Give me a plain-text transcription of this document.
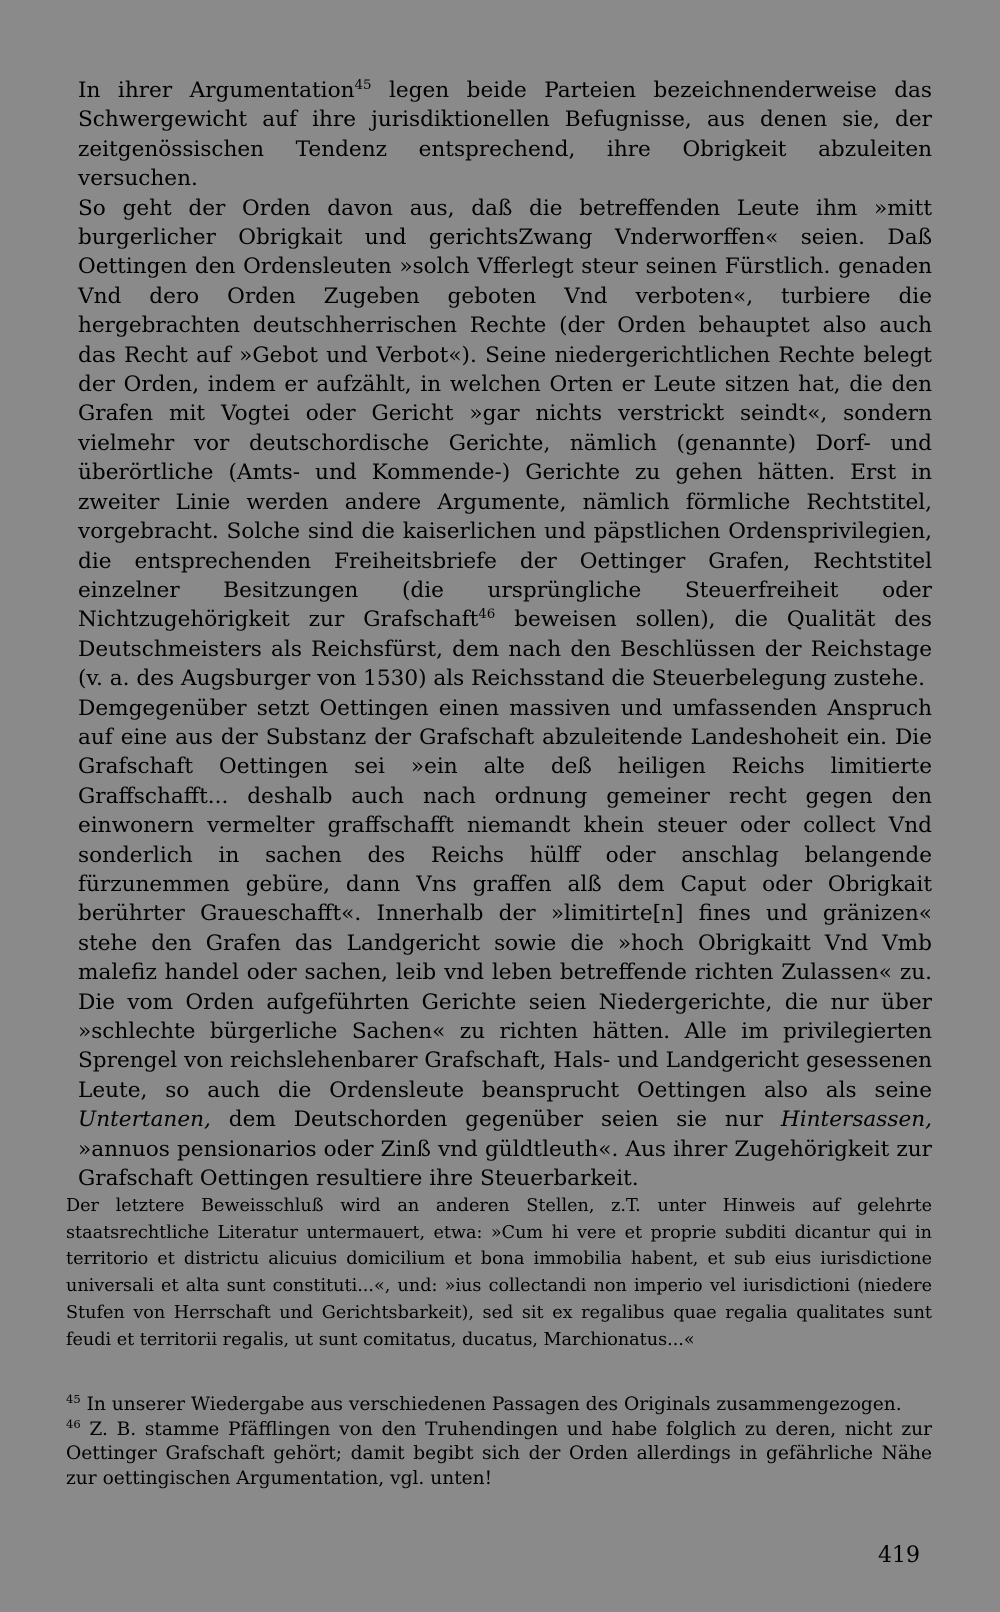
In ihrer Argumentation$^{45}$ legen beide Parteien bezeichnenderweise das Schwergewicht auf ihre jurisdiktionellen Befugnisse, aus denen sie, der zeitgenössischen Tendenz entsprechend, ihre Obrigkeit abzuleiten versuchen.

So geht der Orden davon aus, daß die betreffenden Leute ihm »mitt burgerlicher Obrigkait und gerichtsZwang Vnderworffen« seien. Daß Oettingen den Ordensleuten »solch Vfferlegt steur seinen Fürstlich. genaden Vnd dero Orden Zugeben geboten Vnd verboten«, turbiere die hergebrachten deutschherrischen Rechte (der Orden behauptet also auch das Recht auf »Gebot und Verbot«). Seine niedergerichtlichen Rechte belegt der Orden, indem er aufzählt, in welchen Orten er Leute sitzen hat, die den Grafen mit Vogtei oder Gericht »gar nichts verstrickt seindt«, sondern vielmehr vor deutschordische Gerichte, nämlich (genannte) Dorf- und überörtliche (Amts- und Kommende-) Gerichte zu gehen hätten. Erst in zweiter Linie werden andere Argumente, nämlich förmliche Rechtstitel, vorgebracht. Solche sind die kaiserlichen und päpstlichen Ordensprivilegien, die entsprechenden Freiheitsbriefe der Oettinger Grafen, Rechtstitel einzelner Besitzungen (die ursprüngliche Steuerfreiheit oder Nichtzugehörigkeit zur Grafschaft$^{46}$ beweisen sollen), die Qualität des Deutschmeisters als Reichsfürst, dem nach den Beschlüssen der Reichstage (v. a. des Augsburger von 1530) als Reichsstand die Steuerbelegung zustehe.

Demgegenüber setzt Oettingen einen massiven und umfassenden Anspruch auf eine aus der Substanz der Grafschaft abzuleitende Landeshoheit ein. Die Grafschaft Oettingen sei »ein alte deß heiligen Reichs limitierte Graffschafft... deshalb auch nach ordnung gemeiner recht gegen den einwonern vermelter graffschafft niemandt khein steuer oder collect Vnd sonderlich in sachen des Reichs hülff oder anschlag belangende fürzunemmen gebüre, dann Vns graffen alß dem Caput oder Obrigkait berührter Graueschafft«. Innerhalb der »limitirte[n] fines und gränizen« stehe den Grafen das Landgericht sowie die »hoch Obrigkaitt Vnd Vmb malefiz handel oder sachen, leib vnd leben betreffende richten Zulassen« zu. Die vom Orden aufgeführten Gerichte seien Niedergerichte, die nur über »schlechte bürgerliche Sachen« zu richten hätten. Alle im privilegierten Sprengel von reichslehenbarer Grafschaft, Hals- und Landgericht gesessenen Leute, so auch die Ordensleute beansprucht Oettingen also als seine Untertanen, dem Deutschorden gegenüber seien sie nur Hintersassen, »annuos pensionarios oder Zinß vnd güldtleuth«. Aus ihrer Zugehörigkeit zur Grafschaft Oettingen resultiere ihre Steuerbarkeit.

Der letztere Beweisschluß wird an anderen Stellen, z.T. unter Hinweis auf gelehrte staatsrechtliche Literatur untermauert, etwa: »Cum hi vere et proprie subditi dicantur qui in territorio et districtu alicuius domicilium et bona immobilia habent, et sub eius iurisdictione universali et alta sunt constituti...«, und: »ius collectandi non imperio vel iurisdictioni (niedere Stufen von Herrschaft und Gerichtsbarkeit), sed sit ex regalibus quae regalia qualitates sunt feudi et territorii regalis, ut sunt comitatus, ducatus, Marchionatus...«

$^{45}$ In unserer Wiedergabe aus verschiedenen Passagen des Originals zusammengezogen.

$^{46}$ Z. B. stamme Pfäfflingen von den Truhendingen und habe folglich zu deren, nicht zur Oettinger Grafschaft gehört; damit begibt sich der Orden allerdings in gefährliche Nähe zur oettingischen Argumentation, vgl. unten!

419
